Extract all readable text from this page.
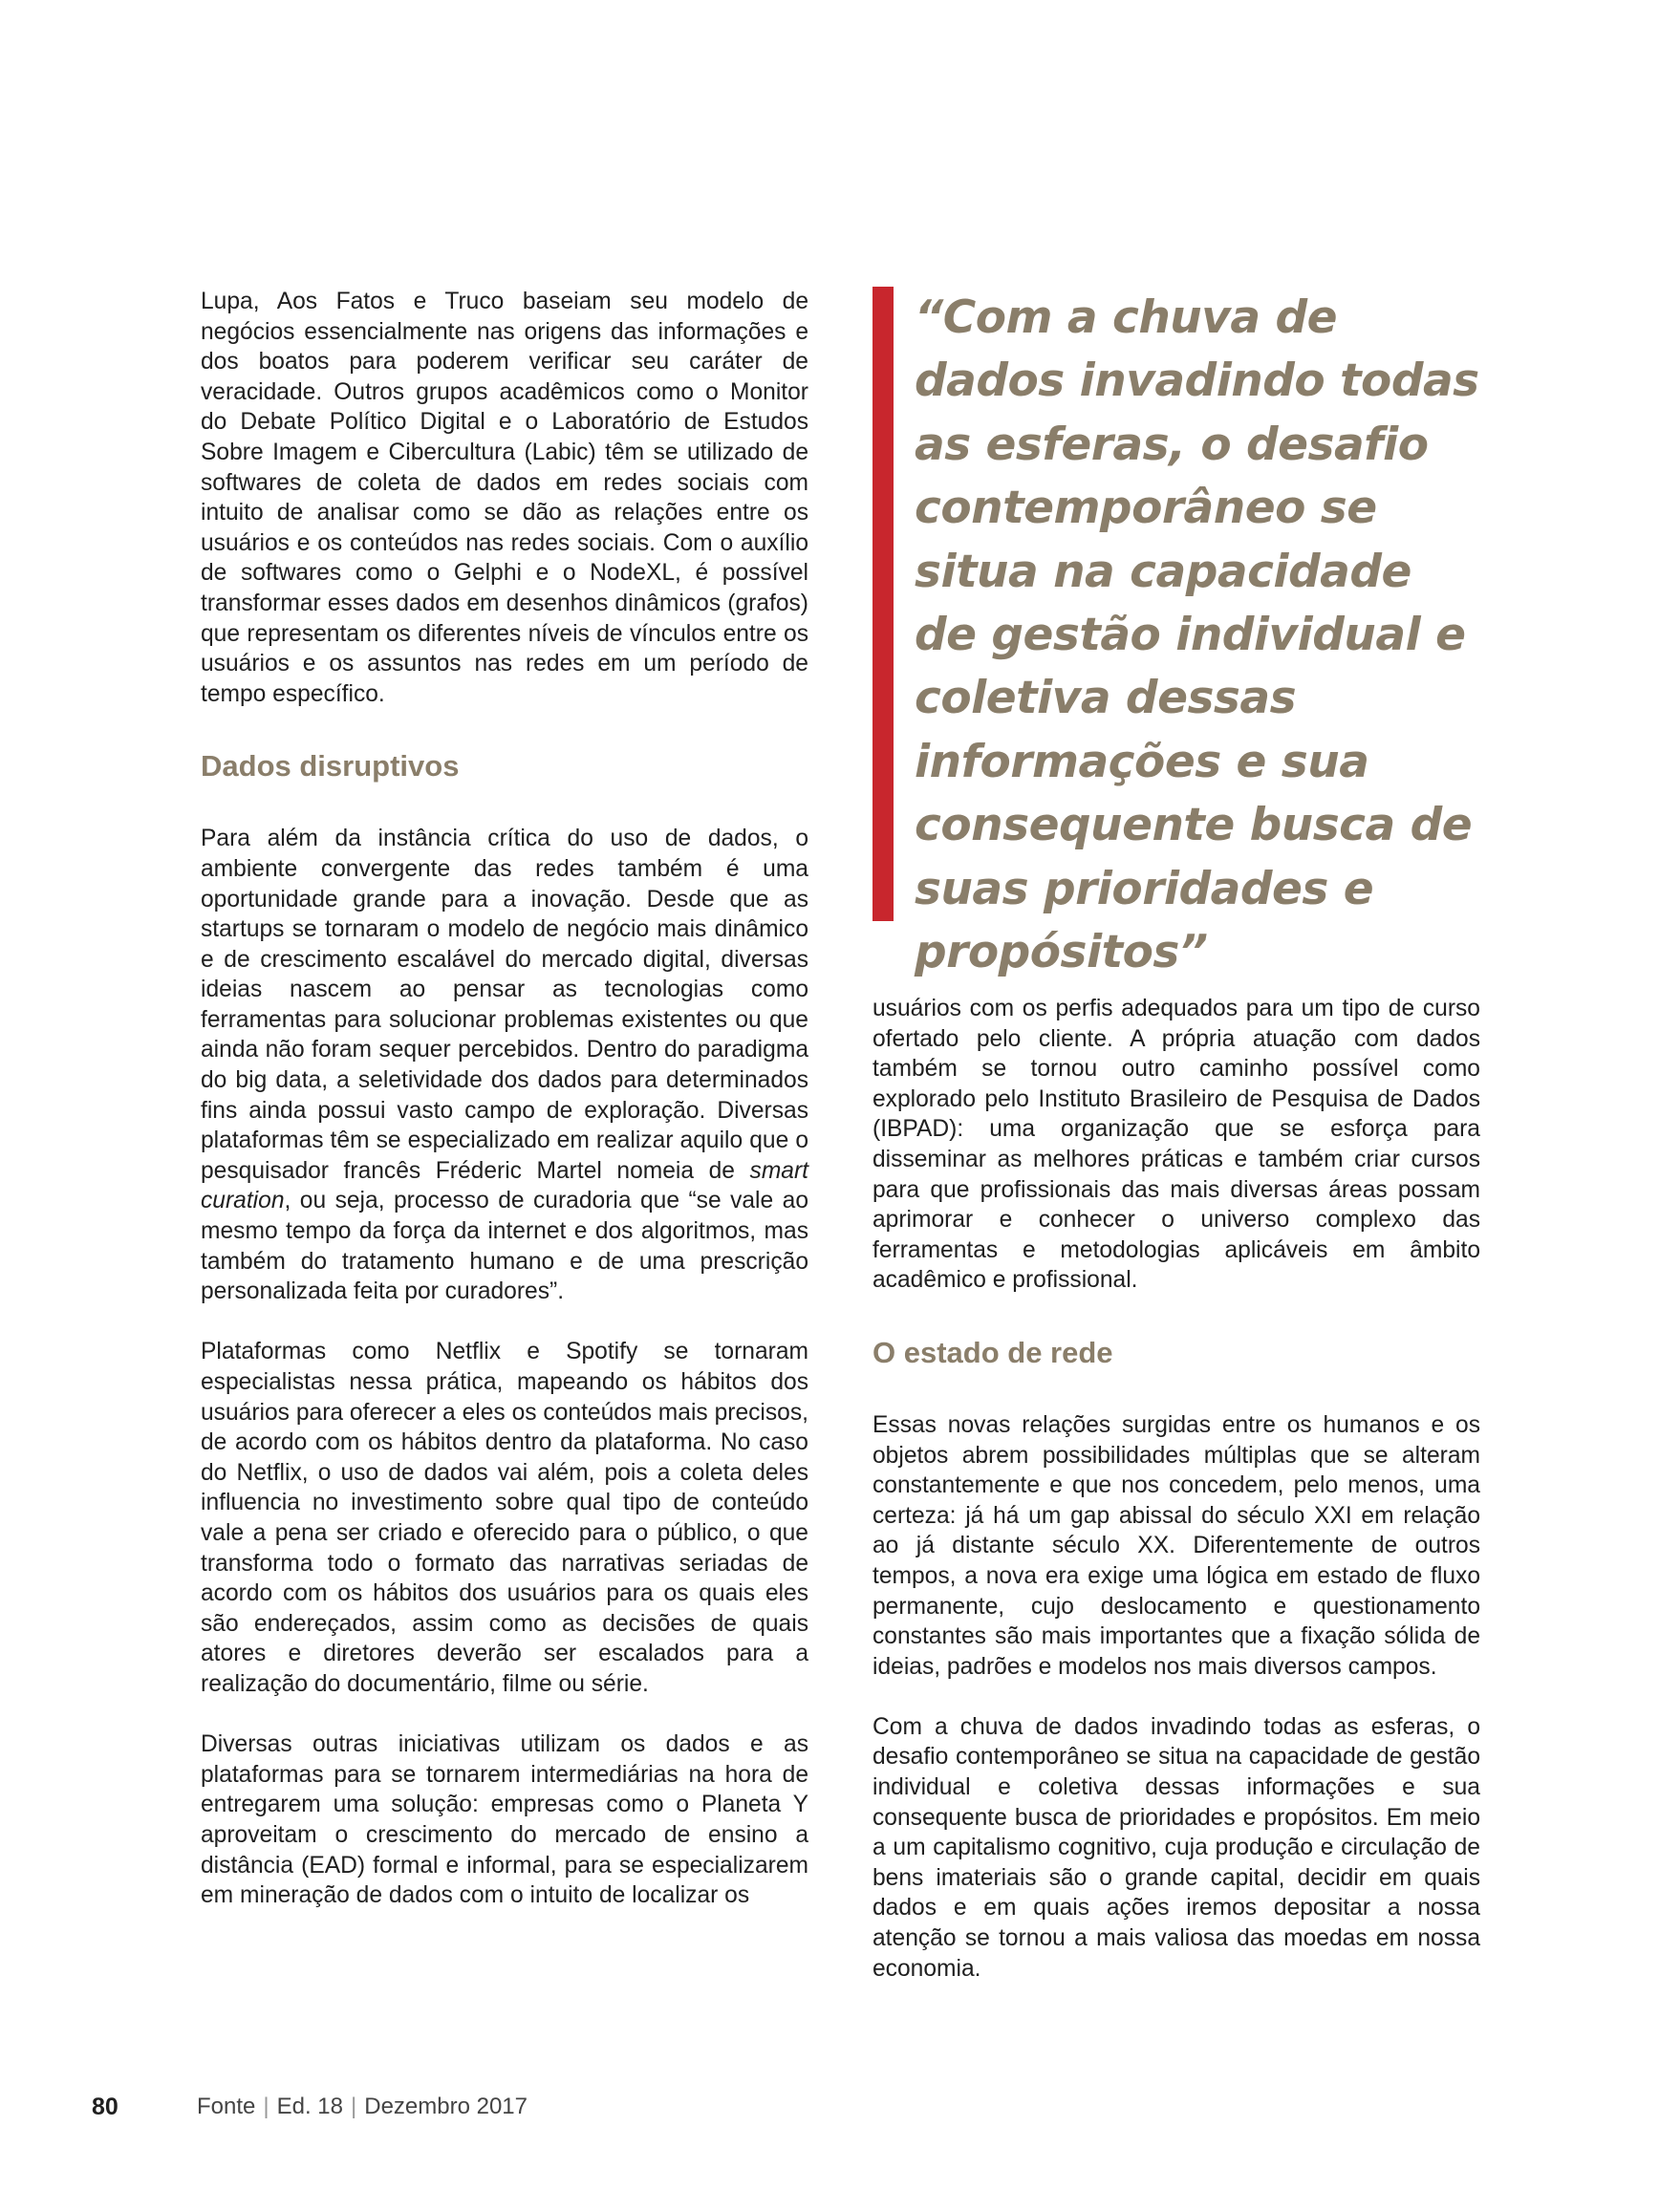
Lupa, Aos Fatos e Truco baseiam seu modelo de negócios essencialmente nas origens das informações e dos boatos para poderem verificar seu caráter de veracidade. Outros grupos acadêmicos como o Monitor do Debate Político Digital e o Laboratório de Estudos Sobre Imagem e Cibercultura (Labic) têm se utilizado de softwares de coleta de dados em redes sociais com intuito de analisar como se dão as relações entre os usuários e os conteúdos nas redes sociais. Com o auxílio de softwares como o Gelphi e o NodeXL, é possível transformar esses dados em desenhos dinâmicos (grafos) que representam os diferentes níveis de vínculos entre os usuários e os assuntos nas redes em um período de tempo específico.

Dados disruptivos

Para além da instância crítica do uso de dados, o ambiente convergente das redes também é uma oportunidade grande para a inovação. Desde que as startups se tornaram o modelo de negócio mais dinâmico e de crescimento escalável do mercado digital, diversas ideias nascem ao pensar as tecnologias como ferramentas para solucionar problemas existentes ou que ainda não foram sequer percebidos. Dentro do paradigma do big data, a seletividade dos dados para determinados fins ainda possui vasto campo de exploração. Diversas plataformas têm se especializado em realizar aquilo que o pesquisador francês Fréderic Martel nomeia de smart curation, ou seja, processo de curadoria que “se vale ao mesmo tempo da força da internet e dos algoritmos, mas também do tratamento humano e de uma prescrição personalizada feita por curadores”.

Plataformas como Netflix e Spotify se tornaram especialistas nessa prática, mapeando os hábitos dos usuários para oferecer a eles os conteúdos mais precisos, de acordo com os hábitos dentro da plataforma. No caso do Netflix, o uso de dados vai além, pois a coleta deles influencia no investimento sobre qual tipo de conteúdo vale a pena ser criado e oferecido para o público, o que transforma todo o formato das narrativas seriadas de acordo com os hábitos dos usuários para os quais eles são endereçados, assim como as decisões de quais atores e diretores deverão ser escalados para a realização do documentário, filme ou série.

Diversas outras iniciativas utilizam os dados e as plataformas para se tornarem intermediárias na hora de entregarem uma solução: empresas como o Planeta Y aproveitam o crescimento do mercado de ensino a distância (EAD) formal e informal, para se especializarem em mineração de dados com o intuito de localizar os

“Com a chuva de dados invadindo todas as esferas, o desafio contemporâneo se situa na capacidade de gestão individual e coletiva dessas informações e sua consequente busca de suas prioridades e propósitos”

usuários com os perfis adequados para um tipo de curso ofertado pelo cliente. A própria atuação com dados também se tornou outro caminho possível como explorado pelo Instituto Brasileiro de Pesquisa de Dados (IBPAD): uma organização que se esforça para disseminar as melhores práticas e também criar cursos para que profissionais das mais diversas áreas possam aprimorar e conhecer o universo complexo das ferramentas e metodologias aplicáveis em âmbito acadêmico e profissional.

O estado de rede

Essas novas relações surgidas entre os humanos e os objetos abrem possibilidades múltiplas que se alteram constantemente e que nos concedem, pelo menos, uma certeza: já há um gap abissal do século XXI em relação ao já distante século XX. Diferentemente de outros tempos, a nova era exige uma lógica em estado de fluxo permanente, cujo deslocamento e questionamento constantes são mais importantes que a fixação sólida de ideias, padrões e modelos nos mais diversos campos.

Com a chuva de dados invadindo todas as esferas, o desafio contemporâneo se situa na capacidade de gestão individual e coletiva dessas informações e sua consequente busca de prioridades e propósitos. Em meio a um capitalismo cognitivo, cuja produção e circulação de bens imateriais são o grande capital, decidir em quais dados e em quais ações iremos depositar a nossa atenção se tornou a mais valiosa das moedas em nossa economia.

80	Fonte | Ed. 18 | Dezembro 2017
